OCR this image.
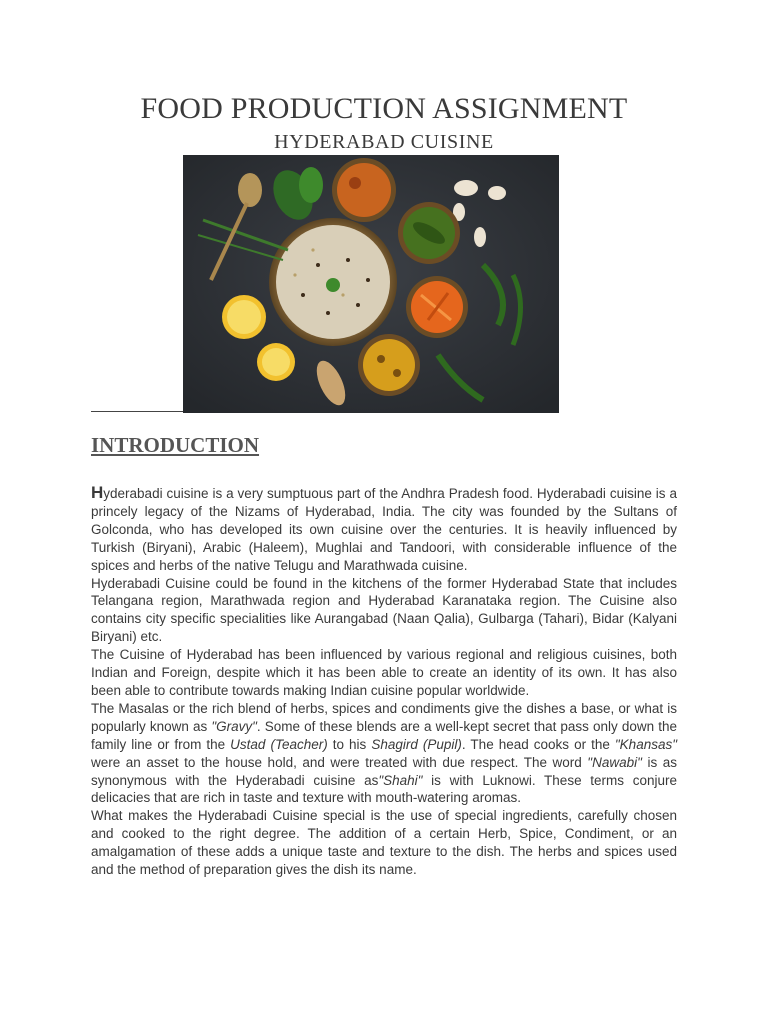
FOOD PRODUCTION ASSIGNMENT
HYDERABAD CUISINE
INTRODUCTION

Hyderabadi cuisine is a very sumptuous part of the Andhra Pradesh food. Hyderabadi cuisine is a princely legacy of the Nizams of Hyderabad, India. The city was founded by the Sultans of Golconda, who has developed its own cuisine over the centuries. It is heavily influenced by Turkish (Biryani), Arabic (Haleem), Mughlai and Tandoori, with considerable influence of the spices and herbs of the native Telugu and Marathwada cuisine.

Hyderabadi Cuisine could be found in the kitchens of the former Hyderabad State that includes Telangana region, Marathwada region and Hyderabad Karanataka region. The Cuisine also contains city specific specialities like Aurangabad (Naan Qalia), Gulbarga (Tahari), Bidar (Kalyani Biryani) etc.

The Cuisine of Hyderabad has been influenced by various regional and religious cuisines, both Indian and Foreign, despite which it has been able to create an identity of its own. It has also been able to contribute towards making Indian cuisine popular worldwide.

The Masalas or the rich blend of herbs, spices and condiments give the dishes a base, or what is popularly known as "Gravy". Some of these blends are a well-kept secret that pass only down the family line or from the Ustad (Teacher) to his Shagird (Pupil). The head cooks or the "Khansas" were an asset to the house hold, and were treated with due respect. The word "Nawabi" is as synonymous with the Hyderabadi cuisine as"Shahi" is with Luknowi. These terms conjure delicacies that are rich in taste and texture with mouth-watering aromas.

What makes the Hyderabadi Cuisine special is the use of special ingredients, carefully chosen and cooked to the right degree. The addition of a certain Herb, Spice, Condiment, or an amalgamation of these adds a unique taste and texture to the dish. The herbs and spices used and the method of preparation gives the dish its name.
